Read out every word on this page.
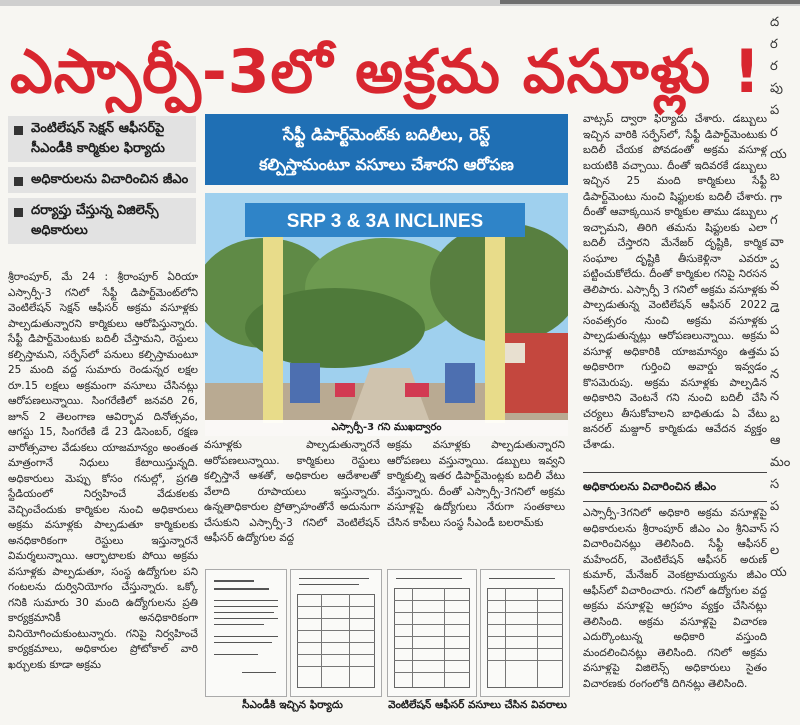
ఎస్సార్పీ-3లో అక్రమ వసూళ్లు !
ద
ర
ర
పు
ప
ర
య
బ
గా
గ
వా
ప
వ
డె
ప
ప
న
న
బ
ఆ
మం
స
ప
స
ల
య
వెంటిలేషన్ సెక్షన్ ఆఫీసర్‌పై సీఎండీకి కార్మికుల ఫిర్యాదు
అధికారులను విచారించిన జీఎం
దర్యాప్తు చేస్తున్న విజిలెన్స్ అధికారులు

శ్రీరాంపూర్, మే 24 : శ్రీరాంపూర్ ఏరియా ఎస్సార్పీ-3 గనిలో సేఫ్టీ డిపార్ట్‌మెంట్‌లోని వెంటిలేషన్ సెక్షన్ ఆఫీసర్ అక్రమ వసూళ్లకు పాల్పడుతున్నారని కార్మికులు ఆరోపిస్తున్నారు. సేఫ్టీ డిపార్ట్‌మెంటుకు బదిలీ చేస్తామని, రెస్టులు కల్పిస్తామని, సర్ఫేస్‌లో పనులు కల్పిస్తామంటూ 25 మంది వద్ద సుమారు రెండున్నర లక్షల రూ.15 లక్షలు అక్రమంగా వసూలు చేసినట్లు ఆరోపణలున్నాయి. సింగరేణిలో జనవరి 26, జూన్ 2 తెలంగాణ ఆవిర్భావ దినోత్సవం, ఆగస్టు 15, సింగరేణి డే 23 డిసెంబర్, రక్షణ వారోత్సవాల వేడుకలు యాజమాన్యం అంతంత మాత్రంగానే నిధులు కేటాయిస్తున్నది. అధికారులు మెప్పు కోసం గనుల్లో, ప్రగతి స్టేడియంలో నిర్వహించే వేడుకలకు వెచ్చించేందుకు కార్మికుల నుంచి అధికారులు అక్రమ వసూళ్లకు పాల్పడుతూ కార్మికులకు అనధికారికంగా రెస్టులు ఇస్తున్నారనే విమర్శలున్నాయి. ఆర్భాటాలకు పోయి అక్రమ వసూళ్లకు పాల్పడుతూ, సంస్థ ఉద్యోగుల పని గంటలను దుర్వినియోగం చేస్తున్నారు. ఒక్కో గనికి సుమారు 30 మంది ఉద్యోగులను ప్రతి కార్యక్రమానికీ అనధికారికంగా వినియోగించుకుంటున్నారు. గనిపై నిర్వహించే కార్యక్రమాలు, అధికారుల ప్రోటోకాల్ వారి ఖర్చులకు కూడా అక్రమ

సేఫ్టీ డిపార్ట్‌మెంట్‌కు బదిలీలు, రెస్ట్
కల్పిస్తామంటూ వసూలు చేశారని ఆరోపణ
SRP 3 & 3A INCLINES
ఎస్సార్పీ-3 గని ముఖద్వారం

వసూళ్లకు పాల్పడుతున్నారనే ఆరోపణలున్నాయి. కార్మికులు రెస్టులు కల్పిస్తానే ఆశతో, అధికారుల ఆదేశాలతో వేలాది రూపాయలు ఇస్తున్నారు. ఉన్నతాధికారుల ప్రోత్సాహంతోనే అదునుగా చేసుకుని ఎస్సార్పీ-3 గనిలో వెంటిలేషన్ ఆఫీసర్ ఉద్యోగుల వద్ద

అక్రమ వసూళ్లకు పాల్పడుతున్నారని ఆరోపణలు వస్తున్నాయి. డబ్బులు ఇవ్వని కార్మికుల్ని ఇతర డిపార్ట్‌మెంట్లకు బదిలీ వేటు వేస్తున్నారు. దీంతో ఎస్సార్పీ-3గనిలో అక్రమ వసూళ్లపై ఉద్యోగులు నేరుగా సంతకాలు చేసిన కాపీలు సంస్థ సీఎండీ బలరామ్‌కు

వాట్సప్ ద్వారా ఫిర్యాదు చేశారు. డబ్బులు ఇచ్చిన వారికి సర్ఫేస్‌లో, సేఫ్టీ డిపార్ట్‌మెంటుకు బదిలీ చేయక పోవడంతో అక్రమ వసూళ్ల బయటికి వచ్చాయి. దీంతో ఇదివరకే డబ్బులు ఇచ్చిన 25 మంది కార్మికులు సేఫ్టీ డిపార్ట్‌మెంటు నుంచి షిఫ్టులకు బదిలీ చేశారు. దీంతో ఆవాక్కయిన కార్మికుల తాము డబ్బులు ఇచ్చామని, తిరిగి తమను షిఫ్టులకు ఎలా బదిలీ చేస్తారని మేనేజర్ దృష్టికి, కార్మిక సంఘాల దృష్టికి తీసుకెళ్లినా ఎవరూ పట్టించుకోలేదు. దీంతో కార్మికుల గనిపై నిరసన తెలిపారు. ఎస్సార్పీ 3 గనిలో అక్రమ వసూళ్లకు పాల్పడుతున్న వెంటిలేషన్ ఆఫీసర్ 2022 సంవత్సరం నుంచి అక్రమ వసూళ్లకు పాల్పడుతున్నట్లు ఆరోపణలున్నాయి. అక్రమ వసూళ్ల అధికారికి యాజమాన్యం ఉత్తమ అధికారిగా గుర్తించి అవార్డు ఇవ్వడం కొసమెరుపు. అక్రమ వసూళ్లకు పాల్పడిన అధికారిని వెంటనే గని నుంచి బదిలీ చేసి చర్యలు తీసుకోవాలని బాధితుడు ఏ వేటు జనరల్ మజ్దూర్ కార్మికుడు ఆవేదన వ్యక్తం చేశాడు.

అధికారులను విచారించిన జీఎం

ఎస్సార్పీ-3గనిలో అధికారి అక్రమ వసూళ్లపై అధికారులను శ్రీరాంపూర్ జీఎం ఎం శ్రీనివాస్ విచారించినట్లు తెలిసింది. సేఫ్టీ ఆఫీసర్ మహేందర్, వెంటిలేషన్ ఆఫీసర్ అరుణ్ కుమార్, మేనేజర్ వెంకట్రామయ్యను జీఎం ఆఫీస్‌లో విచారించారు. గనిలో ఉద్యోగుల వద్ద అక్రమ వసూళ్లపై ఆగ్రహం వ్యక్తం చేసినట్లు తెలిసింది. అక్రమ వసూళ్లపై విచారణ ఎదుర్కొంటున్న అధికారి వస్తుంది మందలించినట్లు తెలిసింది. గనిలో అక్రమ వసూళ్లపై విజిలెన్స్ అధికారులు సైతం విచారణకు రంగంలోకి దిగినట్లు తెలిసింది.

సీఎండీకి ఇచ్చిన ఫిర్యాదు	వెంటిలేషన్ ఆఫీసర్ వసూలు చేసిన వివరాలు
